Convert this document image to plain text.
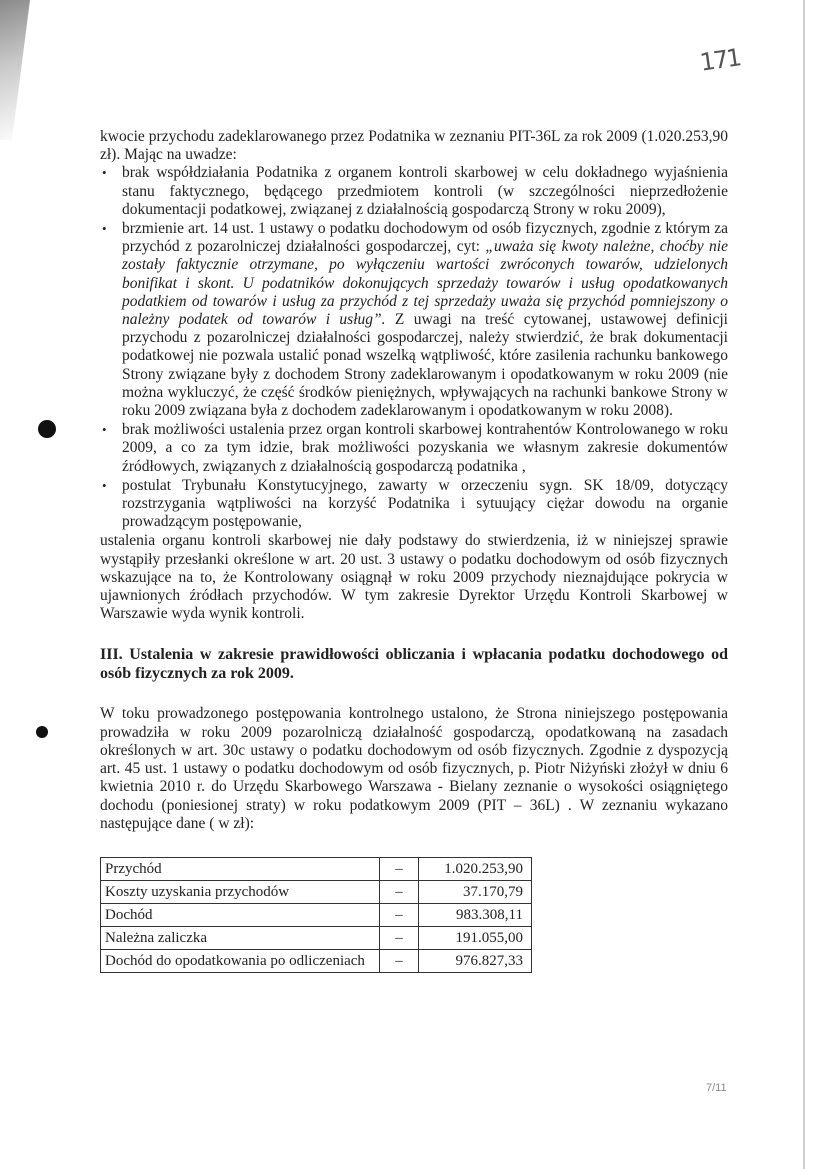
171
kwocie przychodu zadeklarowanego przez Podatnika w zeznaniu PIT-36L za rok 2009 (1.020.253,90 zł). Mając na uwadze:
• brak współdziałania Podatnika z organem kontroli skarbowej w celu dokładnego wyjaśnienia stanu faktycznego, będącego przedmiotem kontroli (w szczególności nieprzedłożenie dokumentacji podatkowej, związanej z działalnością gospodarczą Strony w roku 2009),
• brzmienie art. 14 ust. 1 ustawy o podatku dochodowym od osób fizycznych, zgodnie z którym za przychód z pozarolniczej działalności gospodarczej, cyt: „uważa się kwoty należne, choćby nie zostały faktycznie otrzymane, po wyłączeniu wartości zwróconych towarów, udzielonych bonifikat i skont. U podatników dokonujących sprzedaży towarów i usług opodatkowanych podatkiem od towarów i usług za przychód z tej sprzedaży uważa się przychód pomniejszony o należny podatek od towarów i usług”. Z uwagi na treść cytowanej, ustawowej definicji przychodu z pozarolniczej działalności gospodarczej, należy stwierdzić, że brak dokumentacji podatkowej nie pozwala ustalić ponad wszelką wątpliwość, które zasilenia rachunku bankowego Strony związane były z dochodem Strony zadeklarowanym i opodatkowanym w roku 2009 (nie można wykluczyć, że część środków pieniężnych, wpływających na rachunki bankowe Strony w roku 2009 związana była z dochodem zadeklarowanym i opodatkowanym w roku 2008).
• brak możliwości ustalenia przez organ kontroli skarbowej kontrahentów Kontrolowanego w roku 2009, a co za tym idzie, brak możliwości pozyskania we własnym zakresie dokumentów źródłowych, związanych z działalnością gospodarczą podatnika ,
• postulat Trybunału Konstytucyjnego, zawarty w orzeczeniu sygn. SK 18/09, dotyczący rozstrzygania wątpliwości na korzyść Podatnika i sytuujący ciężar dowodu na organie prowadzącym postępowanie,

ustalenia organu kontroli skarbowej nie dały podstawy do stwierdzenia, iż w niniejszej sprawie wystąpiły przesłanki określone w art. 20 ust. 3 ustawy o podatku dochodowym od osób fizycznych wskazujące na to, że Kontrolowany osiągnął w roku 2009 przychody nieznajdujące pokrycia w ujawnionych źródłach przychodów. W tym zakresie Dyrektor Urzędu Kontroli Skarbowej w Warszawie wyda wynik kontroli.

III. Ustalenia w zakresie prawidłowości obliczania i wpłacania podatku dochodowego od osób fizycznych za rok 2009.
W toku prowadzonego postępowania kontrolnego ustalono, że Strona niniejszego postępowania prowadziła w roku 2009 pozarolniczą działalność gospodarczą, opodatkowaną na zasadach określonych w art. 30c ustawy o podatku dochodowym od osób fizycznych. Zgodnie z dyspozycją art. 45 ust. 1 ustawy o podatku dochodowym od osób fizycznych, p. Piotr Niżyński złożył w dniu 6 kwietnia 2010 r. do Urzędu Skarbowego Warszawa - Bielany zeznanie o wysokości osiągniętego dochodu (poniesionej straty) w roku podatkowym 2009 (PIT – 36L) . W zeznaniu wykazano następujące dane ( w zł):
Przychód	–	1.020.253,90
Koszty uzyskania przychodów	–	37.170,79
Dochód	–	983.308,11
Należna zaliczka	–	191.055,00
Dochód do opodatkowania po odliczeniach	–	976.827,33
7/11
